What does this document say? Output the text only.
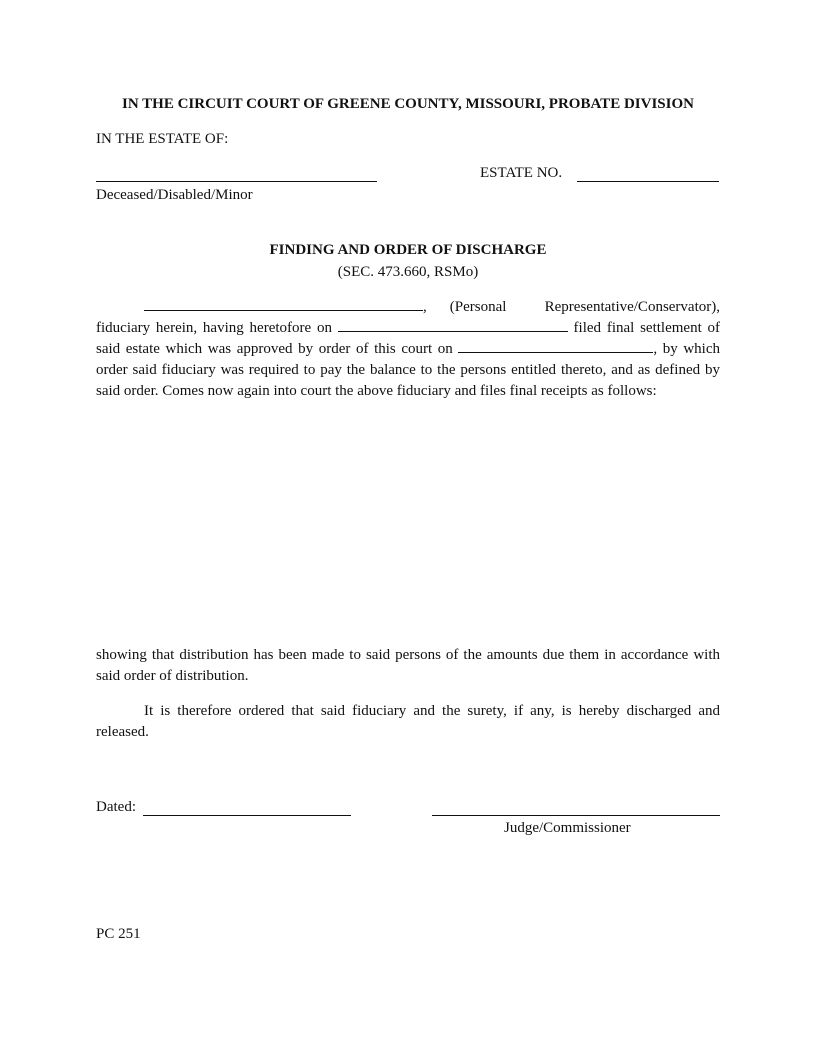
IN THE CIRCUIT COURT OF GREENE COUNTY, MISSOURI, PROBATE DIVISION
IN THE ESTATE OF:
ESTATE NO.
Deceased/Disabled/Minor
FINDING AND ORDER OF DISCHARGE
(SEC. 473.660, RSMo)
, (Personal Representative/Conservator), fiduciary herein, having heretofore on	filed final settlement of said estate which was approved by order of this court on	, by which order said fiduciary was required to pay the balance to the persons entitled thereto, and as defined by said order. Comes now again into court the above fiduciary and files final receipts as follows:
showing that distribution has been made to said persons of the amounts due them in accordance with said order of distribution.
It is therefore ordered that said fiduciary and the surety, if any, is hereby discharged and released.
Dated:
Judge/Commissioner
PC 251
